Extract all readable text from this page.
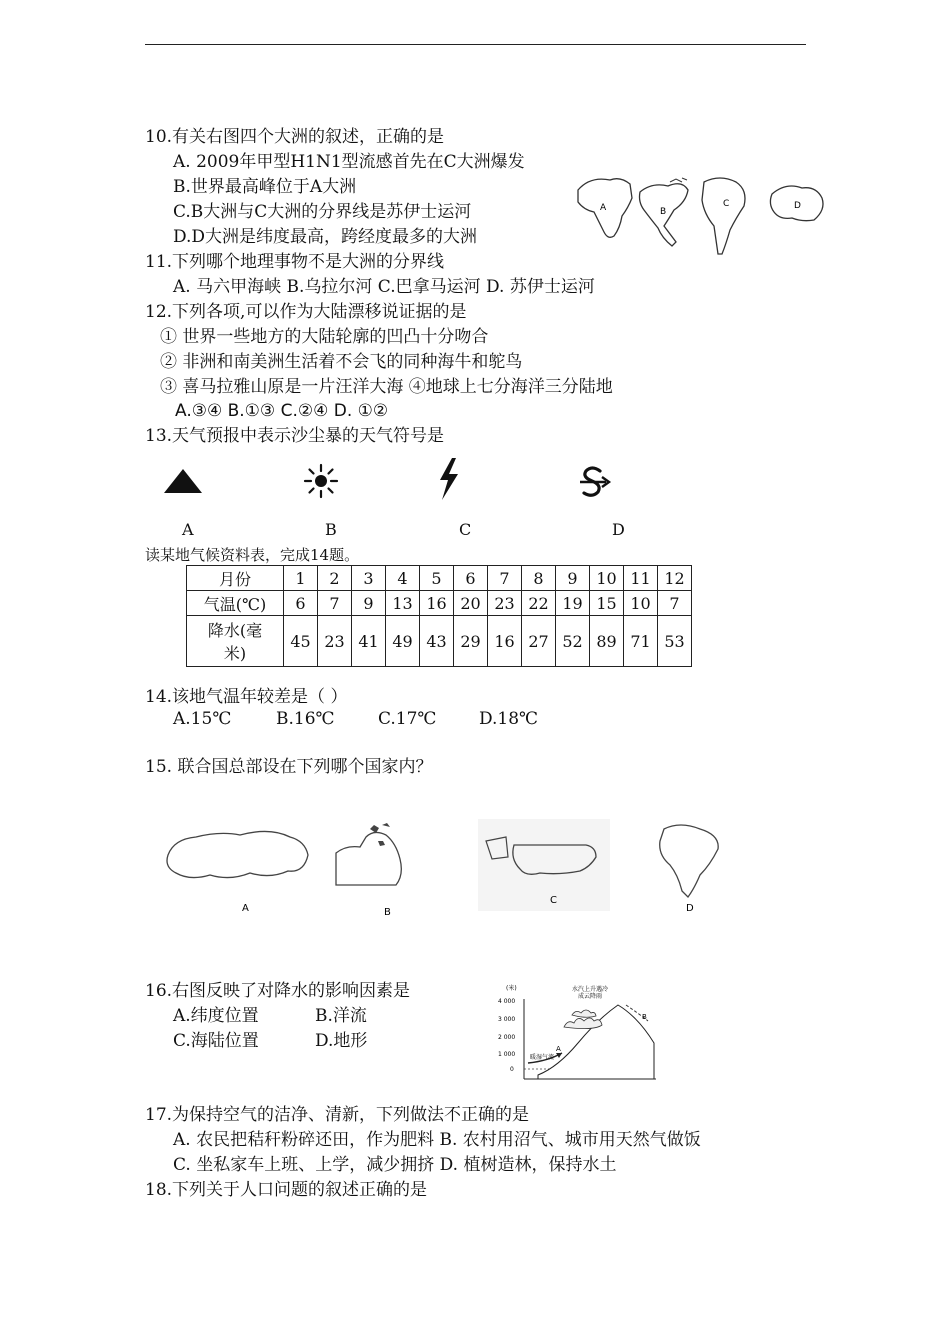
10.有关右图四个大洲的叙述，正确的是
A. 2009年甲型H1N1型流感首先在C大洲爆发
B.世界最高峰位于A大洲
C.B大洲与C大洲的分界线是苏伊士运河
D.D大洲是纬度最高，跨经度最多的大洲
A	B
C	D
11.下列哪个地理事物不是大洲的分界线
A. 马六甲海峡 B.乌拉尔河 C.巴拿马运河 D. 苏伊士运河
12.下列各项,可以作为大陆漂移说证据的是
① 世界一些地方的大陆轮廓的凹凸十分吻合
② 非洲和南美洲生活着不会飞的同种海牛和鸵鸟
③ 喜马拉雅山原是一片汪洋大海 ④地球上七分海洋三分陆地
A.③④ B.①③ C.②④ D. ①②
13.天气预报中表示沙尘暴的天气符号是
A	B	C	D
读某地气候资料表，完成14题。
月份	1	2	3	4	5	6	7	8	9	10	11	12
气温(℃)	6	7	9	13	16	20	23	22	19	15	10	7

降水(毫
米)	45	23	41	49	43	29	16	27	52	89	71	53
14.该地气温年较差是（ ）
A.15℃	B.16℃	C.17℃	D.18℃
15. 联合国总部设在下列哪个国家内？
A	B
C
D
16.右图反映了对降水的影响因素是
A.纬度位置	B.洋流
C.海陆位置	D.地形
(米)
4 000
3 000
2 000
1 000
0
水汽上升遇冷
成云降雨
暖湿气流
A
B
17.为保持空气的洁净、清新，下列做法不正确的是
A. 农民把秸秆粉碎还田，作为肥料 B. 农村用沼气、城市用天然气做饭
C. 坐私家车上班、上学，减少拥挤 D. 植树造林，保持水土
18.下列关于人口问题的叙述正确的是
